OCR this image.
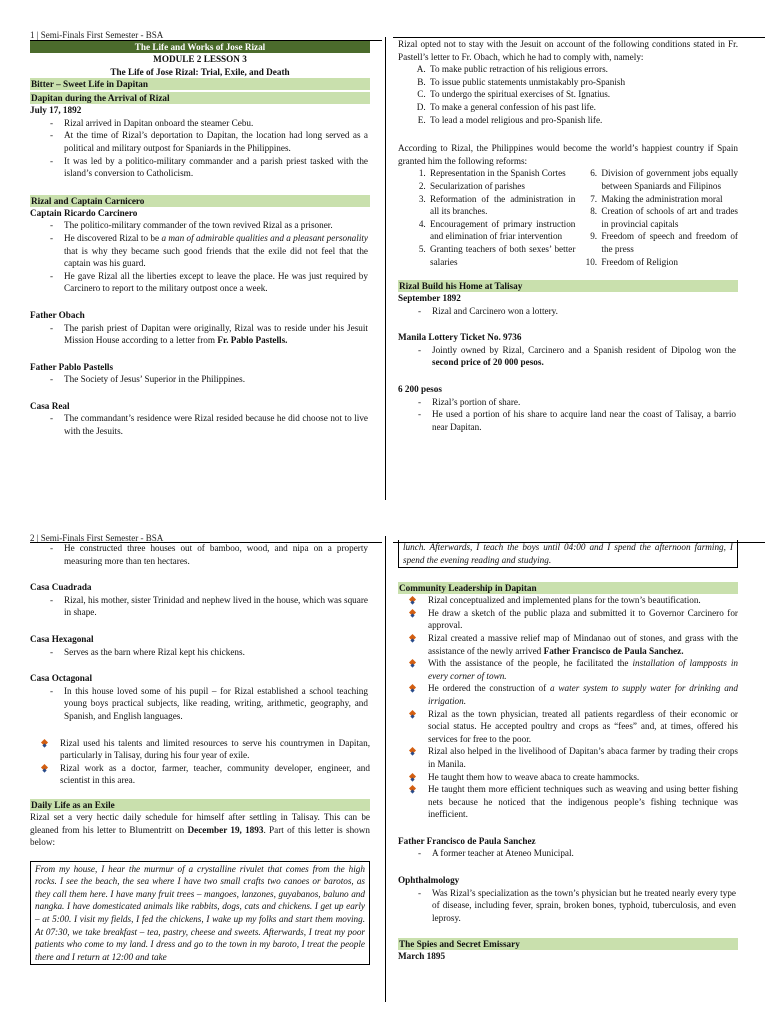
1 | Semi-Finals First Semester - BSA
The Life and Works of Jose Rizal

MODULE 2 LESSON 3

The Life of Jose Rizal: Trial, Exile, and Death

Bitter – Sweet Life in Dapitan
Dapitan during the Arrival of Rizal

July 17, 1892

- Rizal arrived in Dapitan onboard the steamer Cebu.
- At the time of Rizal’s deportation to Dapitan, the location had long served as a political and military outpost for Spaniards in the Philippines.
- It was led by a politico-military commander and a parish priest tasked with the island’s conversion to Catholicism.
Rizal and Captain Carnicero

Captain Ricardo Carcinero

- The politico-military commander of the town revived Rizal as a prisoner.
- He discovered Rizal to be a man of admirable qualities and a pleasant personality that is why they became such good friends that the exile did not feel that the captain was his guard.
- He gave Rizal all the liberties except to leave the place. He was just required by Carcinero to report to the military outpost once a week.

Father Obach

- The parish priest of Dapitan were originally, Rizal was to reside under his Jesuit Mission House according to a letter from Fr. Pablo Pastells.

Father Pablo Pastells

- The Society of Jesus’ Superior in the Philippines.

Casa Real

- The commandant’s residence were Rizal resided because he did choose not to live with the Jesuits.

Rizal opted not to stay with the Jesuit on account of the following conditions stated in Fr. Pastell’s letter to Fr. Obach, which he had to comply with, namely:

A. To make public retraction of his religious errors.
B. To issue public statements unmistakably pro-Spanish
C. To undergo the spiritual exercises of St. Ignatius.
D. To make a general confession of his past life.
E. To lead a model religious and pro-Spanish life.

According to Rizal, the Philippines would become the world’s happiest country if Spain granted him the following reforms:

1. Representation in the Spanish Cortes
2. Secularization of parishes
3. Reformation of the administration in all its branches.
4. Encouragement of primary instruction and elimination of friar intervention
5. Granting teachers of both sexes’ better salaries
6. Division of government jobs equally between Spaniards and Filipinos
7. Making the administration moral
8. Creation of schools of art and trades in provincial capitals
9. Freedom of speech and freedom of the press
10. Freedom of Religion
Rizal Build his Home at Talisay

September 1892

- Rizal and Carcinero won a lottery.

Manila Lottery Ticket No. 9736

- Jointly owned by Rizal, Carcinero and a Spanish resident of Dipolog won the second price of 20 000 pesos.

6 200 pesos

- Rizal’s portion of share.
- He used a portion of his share to acquire land near the coast of Talisay, a barrio near Dapitan.
2 | Semi-Finals First Semester - BSA
- He constructed three houses out of bamboo, wood, and nipa on a property measuring more than ten hectares.

Casa Cuadrada

- Rizal, his mother, sister Trinidad and nephew lived in the house, which was square in shape.

Casa Hexagonal

- Serves as the barn where Rizal kept his chickens.

Casa Octagonal

- In this house loved some of his pupil – for Rizal established a school teaching young boys practical subjects, like reading, writing, arithmetic, geography, and Spanish, and English languages.
Rizal used his talents and limited resources to serve his countrymen in Dapitan, particularly in Talisay, during his four year of exile.
Rizal work as a doctor, farmer, teacher, community developer, engineer, and scientist in this area.
Daily Life as an Exile

Rizal set a very hectic daily schedule for himself after settling in Talisay. This can be gleaned from his letter to Blumentritt on December 19, 1893. Part of this letter is shown below:

From my house, I hear the murmur of a crystalline rivulet that comes from the high rocks. I see the beach, the sea where I have two small crafts two canoes or barotos, as they call them here. I have many fruit trees – mangoes, lanzones, guyabanos, baluno and nangka. I have domesticated animals like rabbits, dogs, cats and chickens. I get up early – at 5:00. I visit my fields, I fed the chickens, I wake up my folks and start them moving. At 07:30, we take breakfast – tea, pastry, cheese and sweets. Afterwards, I treat my poor patients who come to my land. I dress and go to the town in my baroto, I treat the people there and I return at 12:00 and take
lunch. Afterwards, I teach the boys until 04:00 and I spend the afternoon farming, I spend the evening reading and studying.
Community Leadership in Dapitan
Rizal conceptualized and implemented plans for the town’s beautification.
He draw a sketch of the public plaza and submitted it to Governor Carcinero for approval.
Rizal created a massive relief map of Mindanao out of stones, and grass with the assistance of the newly arrived Father Francisco de Paula Sanchez.
With the assistance of the people, he facilitated the installation of lampposts in every corner of town.
He ordered the construction of a water system to supply water for drinking and irrigation.
Rizal as the town physician, treated all patients regardless of their economic or social status. He accepted poultry and crops as “fees” and, at times, offered his services for free to the poor.
Rizal also helped in the livelihood of Dapitan’s abaca farmer by trading their crops in Manila.
He taught them how to weave abaca to create hammocks.
He taught them more efficient techniques such as weaving and using better fishing nets because he noticed that the indigenous people’s fishing technique was inefficient.

Father Francisco de Paula Sanchez

- A former teacher at Ateneo Municipal.

Ophthalmology

- Was Rizal’s specialization as the town’s physician but he treated nearly every type of disease, including fever, sprain, broken bones, typhoid, tuberculosis, and even leprosy.
The Spies and Secret Emissary

March 1895
